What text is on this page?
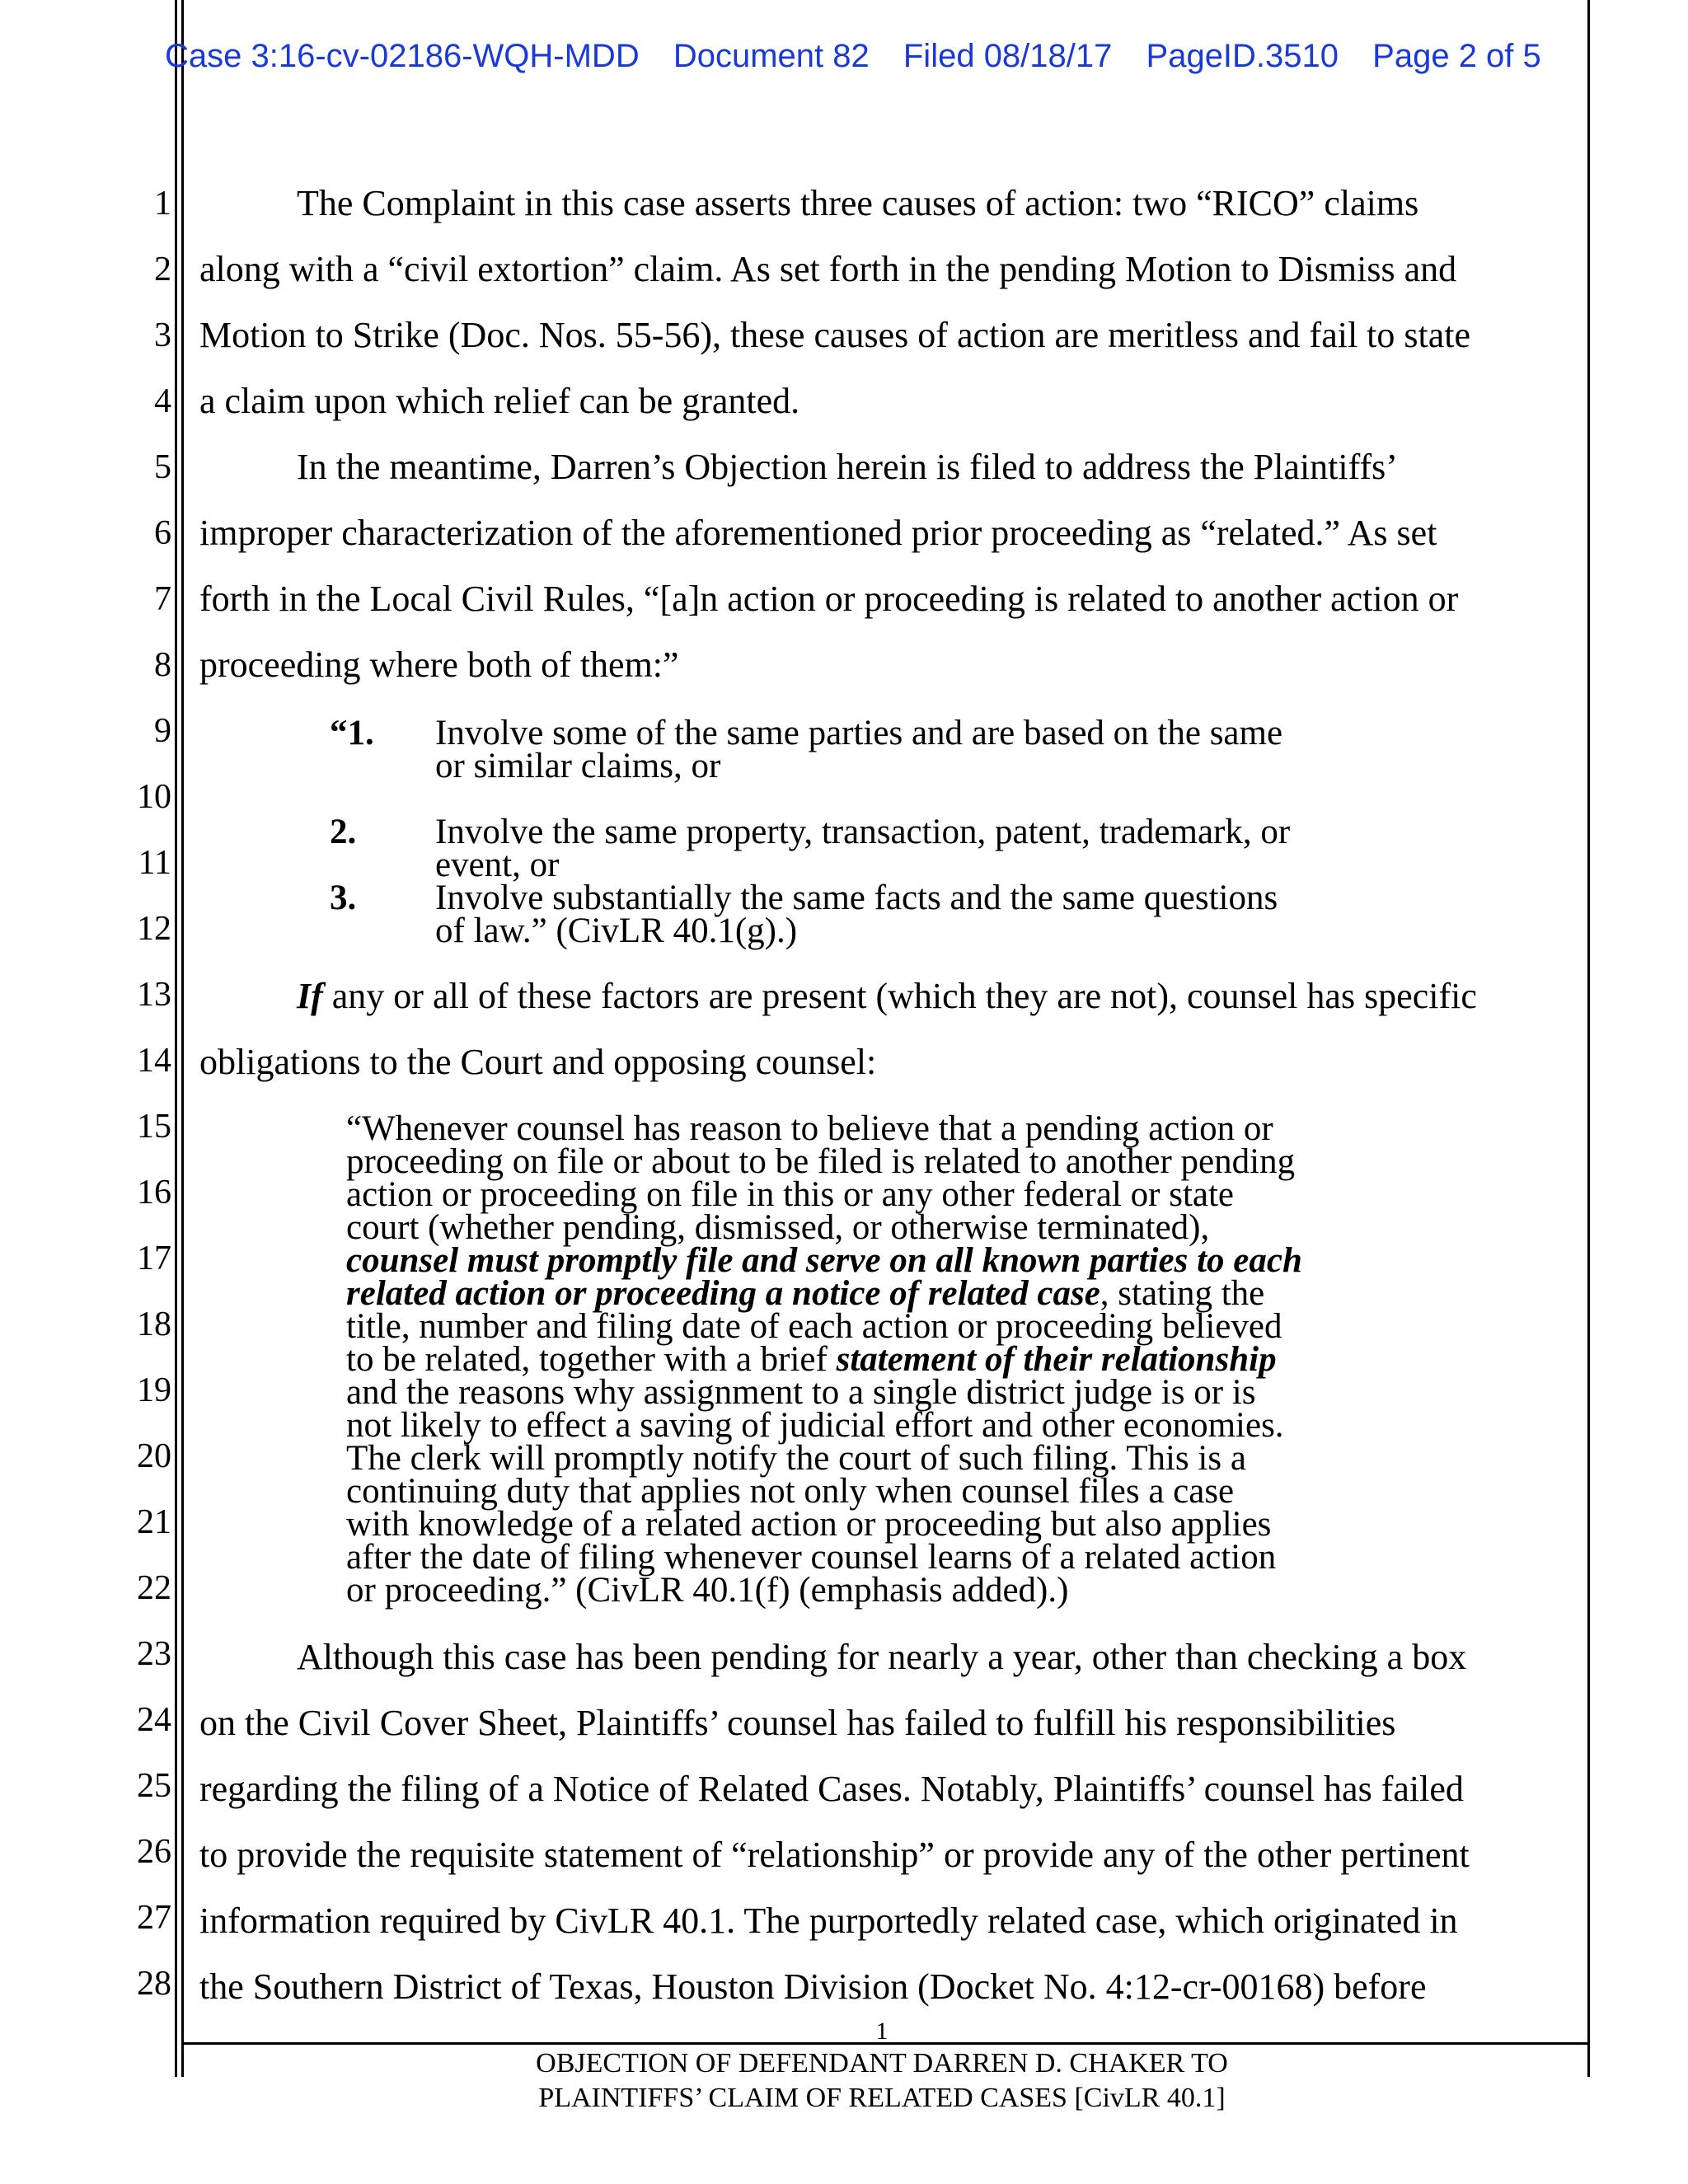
Case 3:16-cv-02186-WQH-MDD Document 82 Filed 08/18/17 PageID.3510 Page 2 of 5
1
2
3
4
5
6
7
8
9
10
11
12
13
14
15
16
17
18
19
20
21
22
23
24
25
26
27
28
The Complaint in this case asserts three causes of action: two “RICO” claims
along with a “civil extortion” claim. As set forth in the pending Motion to Dismiss and
Motion to Strike (Doc. Nos. 55-56), these causes of action are meritless and fail to state
a claim upon which relief can be granted.
In the meantime, Darren’s Objection herein is filed to address the Plaintiffs’
improper characterization of the aforementioned prior proceeding as “related.” As set
forth in the Local Civil Rules, “[a]n action or proceeding is related to another action or
proceeding where both of them:”
“1.	Involve some of the same parties and are based on the same
or similar claims, or
2.	Involve the same property, transaction, patent, trademark, or
event, or
3.	Involve substantially the same facts and the same questions
of law.” (CivLR 40.1(g).)
If any or all of these factors are present (which they are not), counsel has specific
obligations to the Court and opposing counsel:
“Whenever counsel has reason to believe that a pending action or
proceeding on file or about to be filed is related to another pending
action or proceeding on file in this or any other federal or state
court (whether pending, dismissed, or otherwise terminated),
counsel must promptly file and serve on all known parties to each
related action or proceeding a notice of related case, stating the
title, number and filing date of each action or proceeding believed
to be related, together with a brief statement of their relationship
and the reasons why assignment to a single district judge is or is
not likely to effect a saving of judicial effort and other economies.
The clerk will promptly notify the court of such filing. This is a
continuing duty that applies not only when counsel files a case
with knowledge of a related action or proceeding but also applies
after the date of filing whenever counsel learns of a related action
or proceeding.” (CivLR 40.1(f) (emphasis added).)
Although this case has been pending for nearly a year, other than checking a box
on the Civil Cover Sheet, Plaintiffs’ counsel has failed to fulfill his responsibilities
regarding the filing of a Notice of Related Cases. Notably, Plaintiffs’ counsel has failed
to provide the requisite statement of “relationship” or provide any of the other pertinent
information required by CivLR 40.1. The purportedly related case, which originated in
the Southern District of Texas, Houston Division (Docket No. 4:12-cr-00168) before
1
OBJECTION OF DEFENDANT DARREN D. CHAKER TO
PLAINTIFFS’ CLAIM OF RELATED CASES [CivLR 40.1]
